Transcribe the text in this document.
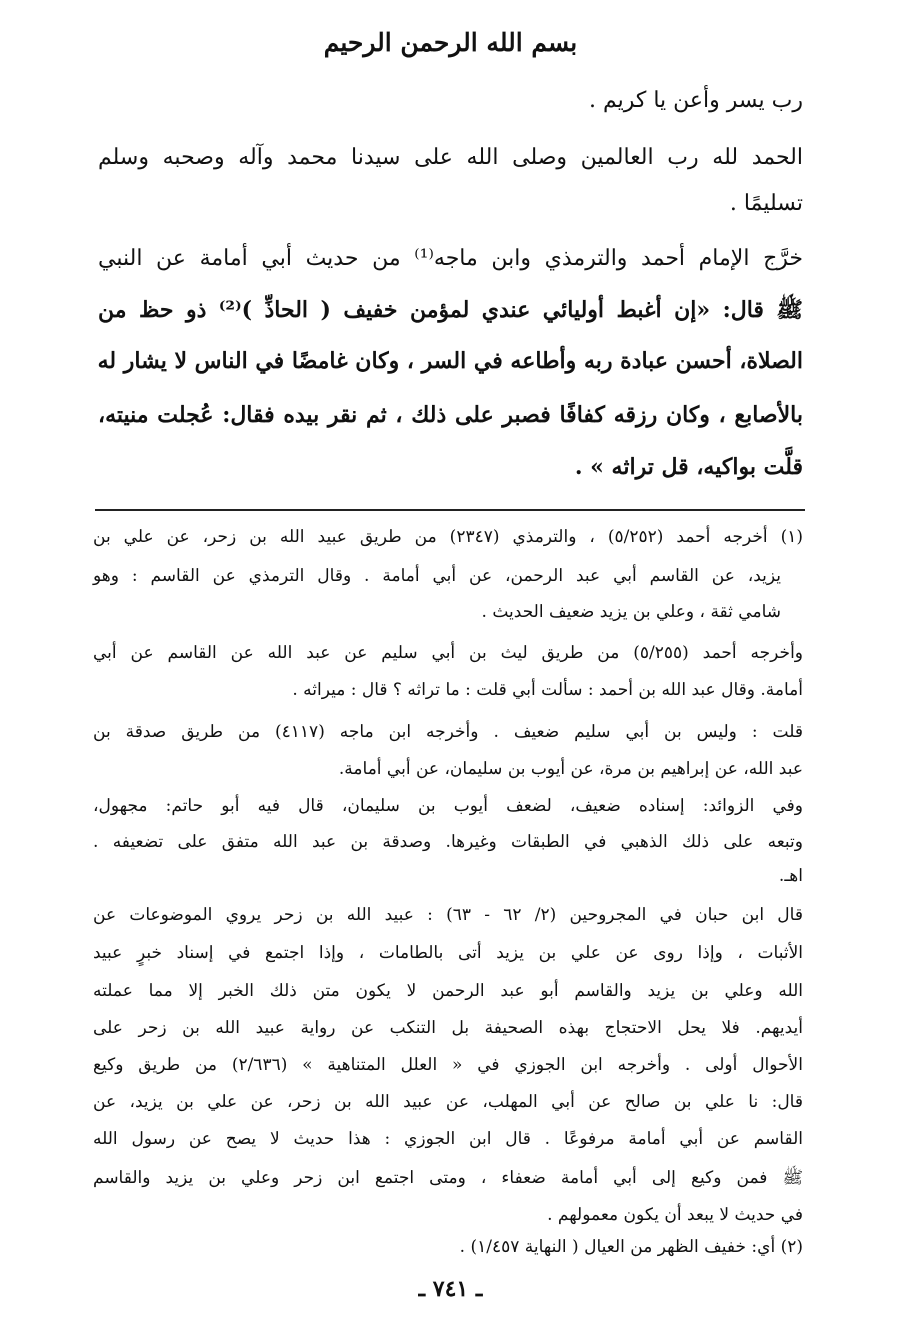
بسم الله الرحمن الرحيم
رب يسر وأعن يا كريم .
الحمد لله رب العالمين وصلى الله على سيدنا محمد وآله وصحبه وسلم
تسليمًا .
خرَّج الإمام أحمد والترمذي وابن ماجه⁽¹⁾ من حديث أبي أمامة عن النبي
ﷺ قال: «إن أغبط أوليائي عندي لمؤمن خفيف ( الحاذِّ )⁽²⁾ ذو حظ من
الصلاة، أحسن عبادة ربه وأطاعه في السر ، وكان غامضًا في الناس لا يشار له
بالأصابع ، وكان رزقه كفافًا فصبر على ذلك ، ثم نقر بيده فقال: عُجلت منيته،
قلَّت بواكيه، قل تراثه » .
(١) أخرجه أحمد (٥/٢٥٢) ، والترمذي (٢٣٤٧) من طريق عبيد الله بن زحر، عن علي بن
يزيد، عن القاسم أبي عبد الرحمن، عن أبي أمامة . وقال الترمذي عن القاسم : وهو
شامي ثقة ، وعلي بن يزيد ضعيف الحديث .
وأخرجه أحمد (٥/٢٥٥) من طريق ليث بن أبي سليم عن عبد الله عن القاسم عن أبي
أمامة. وقال عبد الله بن أحمد : سألت أبي قلت : ما تراثه ؟ قال : ميراثه .
قلت : وليس بن أبي سليم ضعيف . وأخرجه ابن ماجه (٤١١٧) من طريق صدقة بن
عبد الله، عن إبراهيم بن مرة، عن أيوب بن سليمان، عن أبي أمامة.
وفي الزوائد: إسناده ضعيف، لضعف أيوب بن سليمان، قال فيه أبو حاتم: مجهول،
وتبعه على ذلك الذهبي في الطبقات وغيرها. وصدقة بن عبد الله متفق على تضعيفه .
اهـ.
قال ابن حبان في المجروحين (٢/ ٦٢ - ٦٣) : عبيد الله بن زحر يروي الموضوعات عن
الأثبات ، وإذا روى عن علي بن يزيد أتى بالطامات ، وإذا اجتمع في إسناد خبرٍ عبيد
الله وعلي بن يزيد والقاسم أبو عبد الرحمن لا يكون متن ذلك الخبر إلا مما عملته
أيديهم. فلا يحل الاحتجاج بهذه الصحيفة بل التنكب عن رواية عبيد الله بن زحر على
الأحوال أولى . وأخرجه ابن الجوزي في « العلل المتناهية » (٢/٦٣٦) من طريق وكيع
قال: نا علي بن صالح عن أبي المهلب، عن عبيد الله بن زحر، عن علي بن يزيد، عن
القاسم عن أبي أمامة مرفوعًا . قال ابن الجوزي : هذا حديث لا يصح عن رسول الله
ﷺ فمن وكيع إلى أبي أمامة ضعفاء ، ومتى اجتمع ابن زحر وعلي بن يزيد والقاسم
في حديث لا يبعد أن يكون معمولهم .
(٢) أي: خفيف الظهر من العيال ( النهاية ١/٤٥٧) .
ـ ٧٤١ ـ
